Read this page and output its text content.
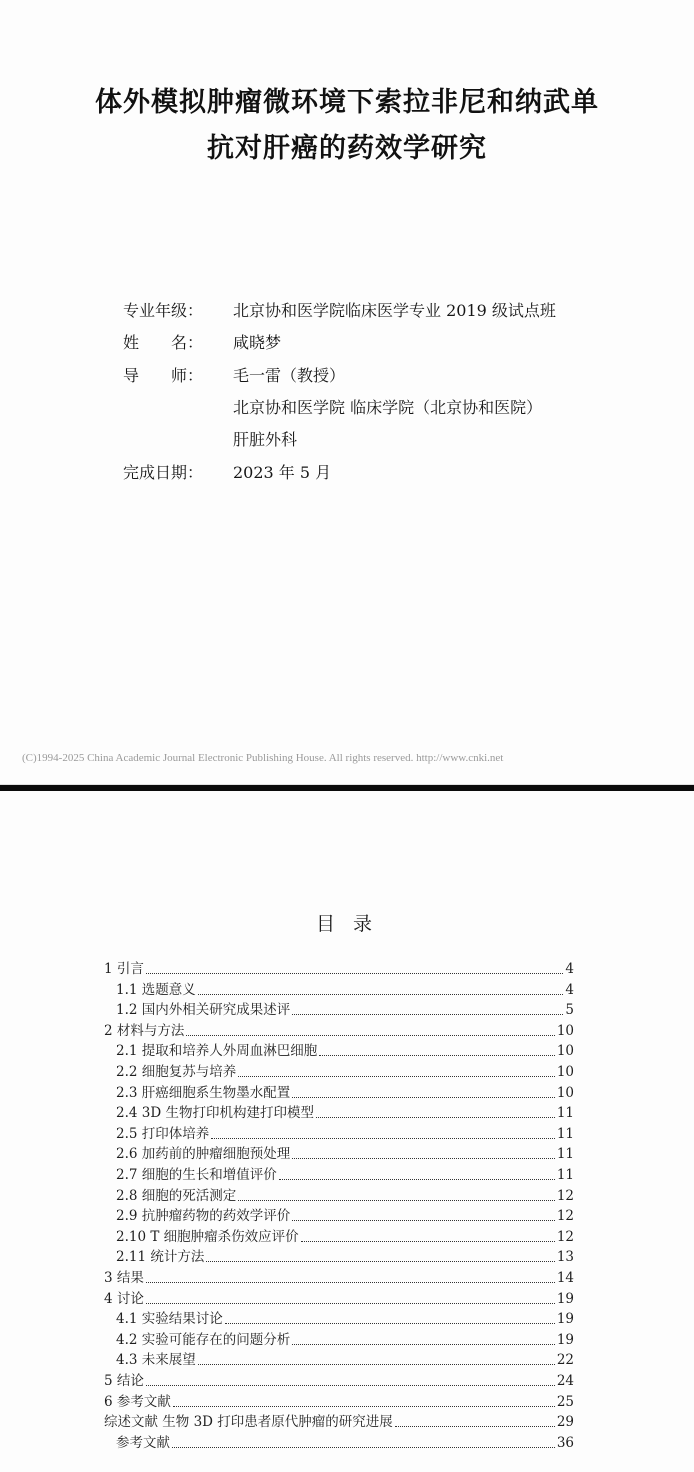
体外模拟肿瘤微环境下索拉非尼和纳武单
抗对肝癌的药效学研究
专业年级： 北京协和医学院临床医学专业 2019 级试点班
姓　　名： 咸晓梦
导　　师： 毛一雷（教授）
北京协和医学院 临床学院（北京协和医院）
肝脏外科
完成日期： 2023 年 5 月
(C)1994-2025 China Academic Journal Electronic Publishing House. All rights reserved. http://www.cnki.net
目 录
1 引言	4
1.1 选题意义	4
1.2 国内外相关研究成果述评	5
2 材料与方法	10
2.1 提取和培养人外周血淋巴细胞	10
2.2 细胞复苏与培养	10
2.3 肝癌细胞系生物墨水配置	10
2.4 3D 生物打印机构建打印模型	11
2.5 打印体培养	11
2.6 加药前的肿瘤细胞预处理	11
2.7 细胞的生长和增值评价	11
2.8 细胞的死活测定	12
2.9 抗肿瘤药物的药效学评价	12
2.10 T 细胞肿瘤杀伤效应评价	12
2.11 统计方法	13
3 结果	14
4 讨论	19
4.1 实验结果讨论	19
4.2 实验可能存在的问题分析	19
4.3 未来展望	22
5 结论	24
6 参考文献	25
综述文献 生物 3D 打印患者原代肿瘤的研究进展	29
参考文献	36
